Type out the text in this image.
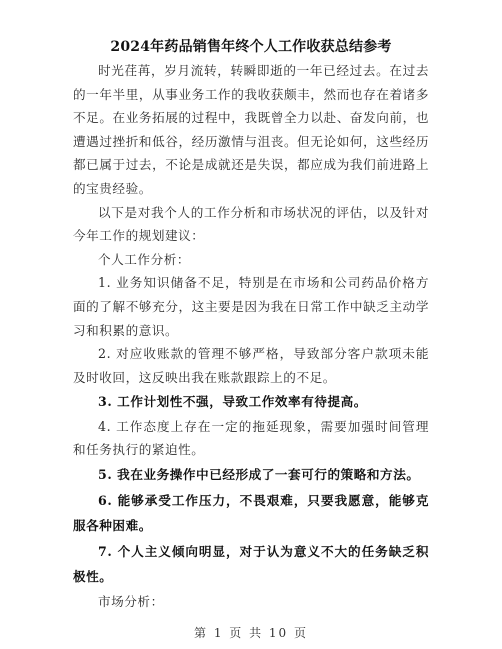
2024年药品销售年终个人工作收获总结参考

时光荏苒，岁月流转，转瞬即逝的一年已经过去。在过去的一年半里，从事业务工作的我收获颇丰，然而也存在着诸多不足。在业务拓展的过程中，我既曾全力以赴、奋发向前，也遭遇过挫折和低谷，经历激情与沮丧。但无论如何，这些经历都已属于过去，不论是成就还是失误，都应成为我们前进路上的宝贵经验。

以下是对我个人的工作分析和市场状况的评估，以及针对今年工作的规划建议：

个人工作分析：

1. 业务知识储备不足，特别是在市场和公司药品价格方面的了解不够充分，这主要是因为我在日常工作中缺乏主动学习和积累的意识。

2. 对应收账款的管理不够严格，导致部分客户款项未能及时收回，这反映出我在账款跟踪上的不足。

3. 工作计划性不强，导致工作效率有待提高。

4. 工作态度上存在一定的拖延现象，需要加强时间管理和任务执行的紧迫性。

5. 我在业务操作中已经形成了一套可行的策略和方法。

6. 能够承受工作压力，不畏艰难，只要我愿意，能够克服各种困难。

7. 个人主义倾向明显，对于认为意义不大的任务缺乏积极性。

市场分析：

第 1 页 共 10 页
